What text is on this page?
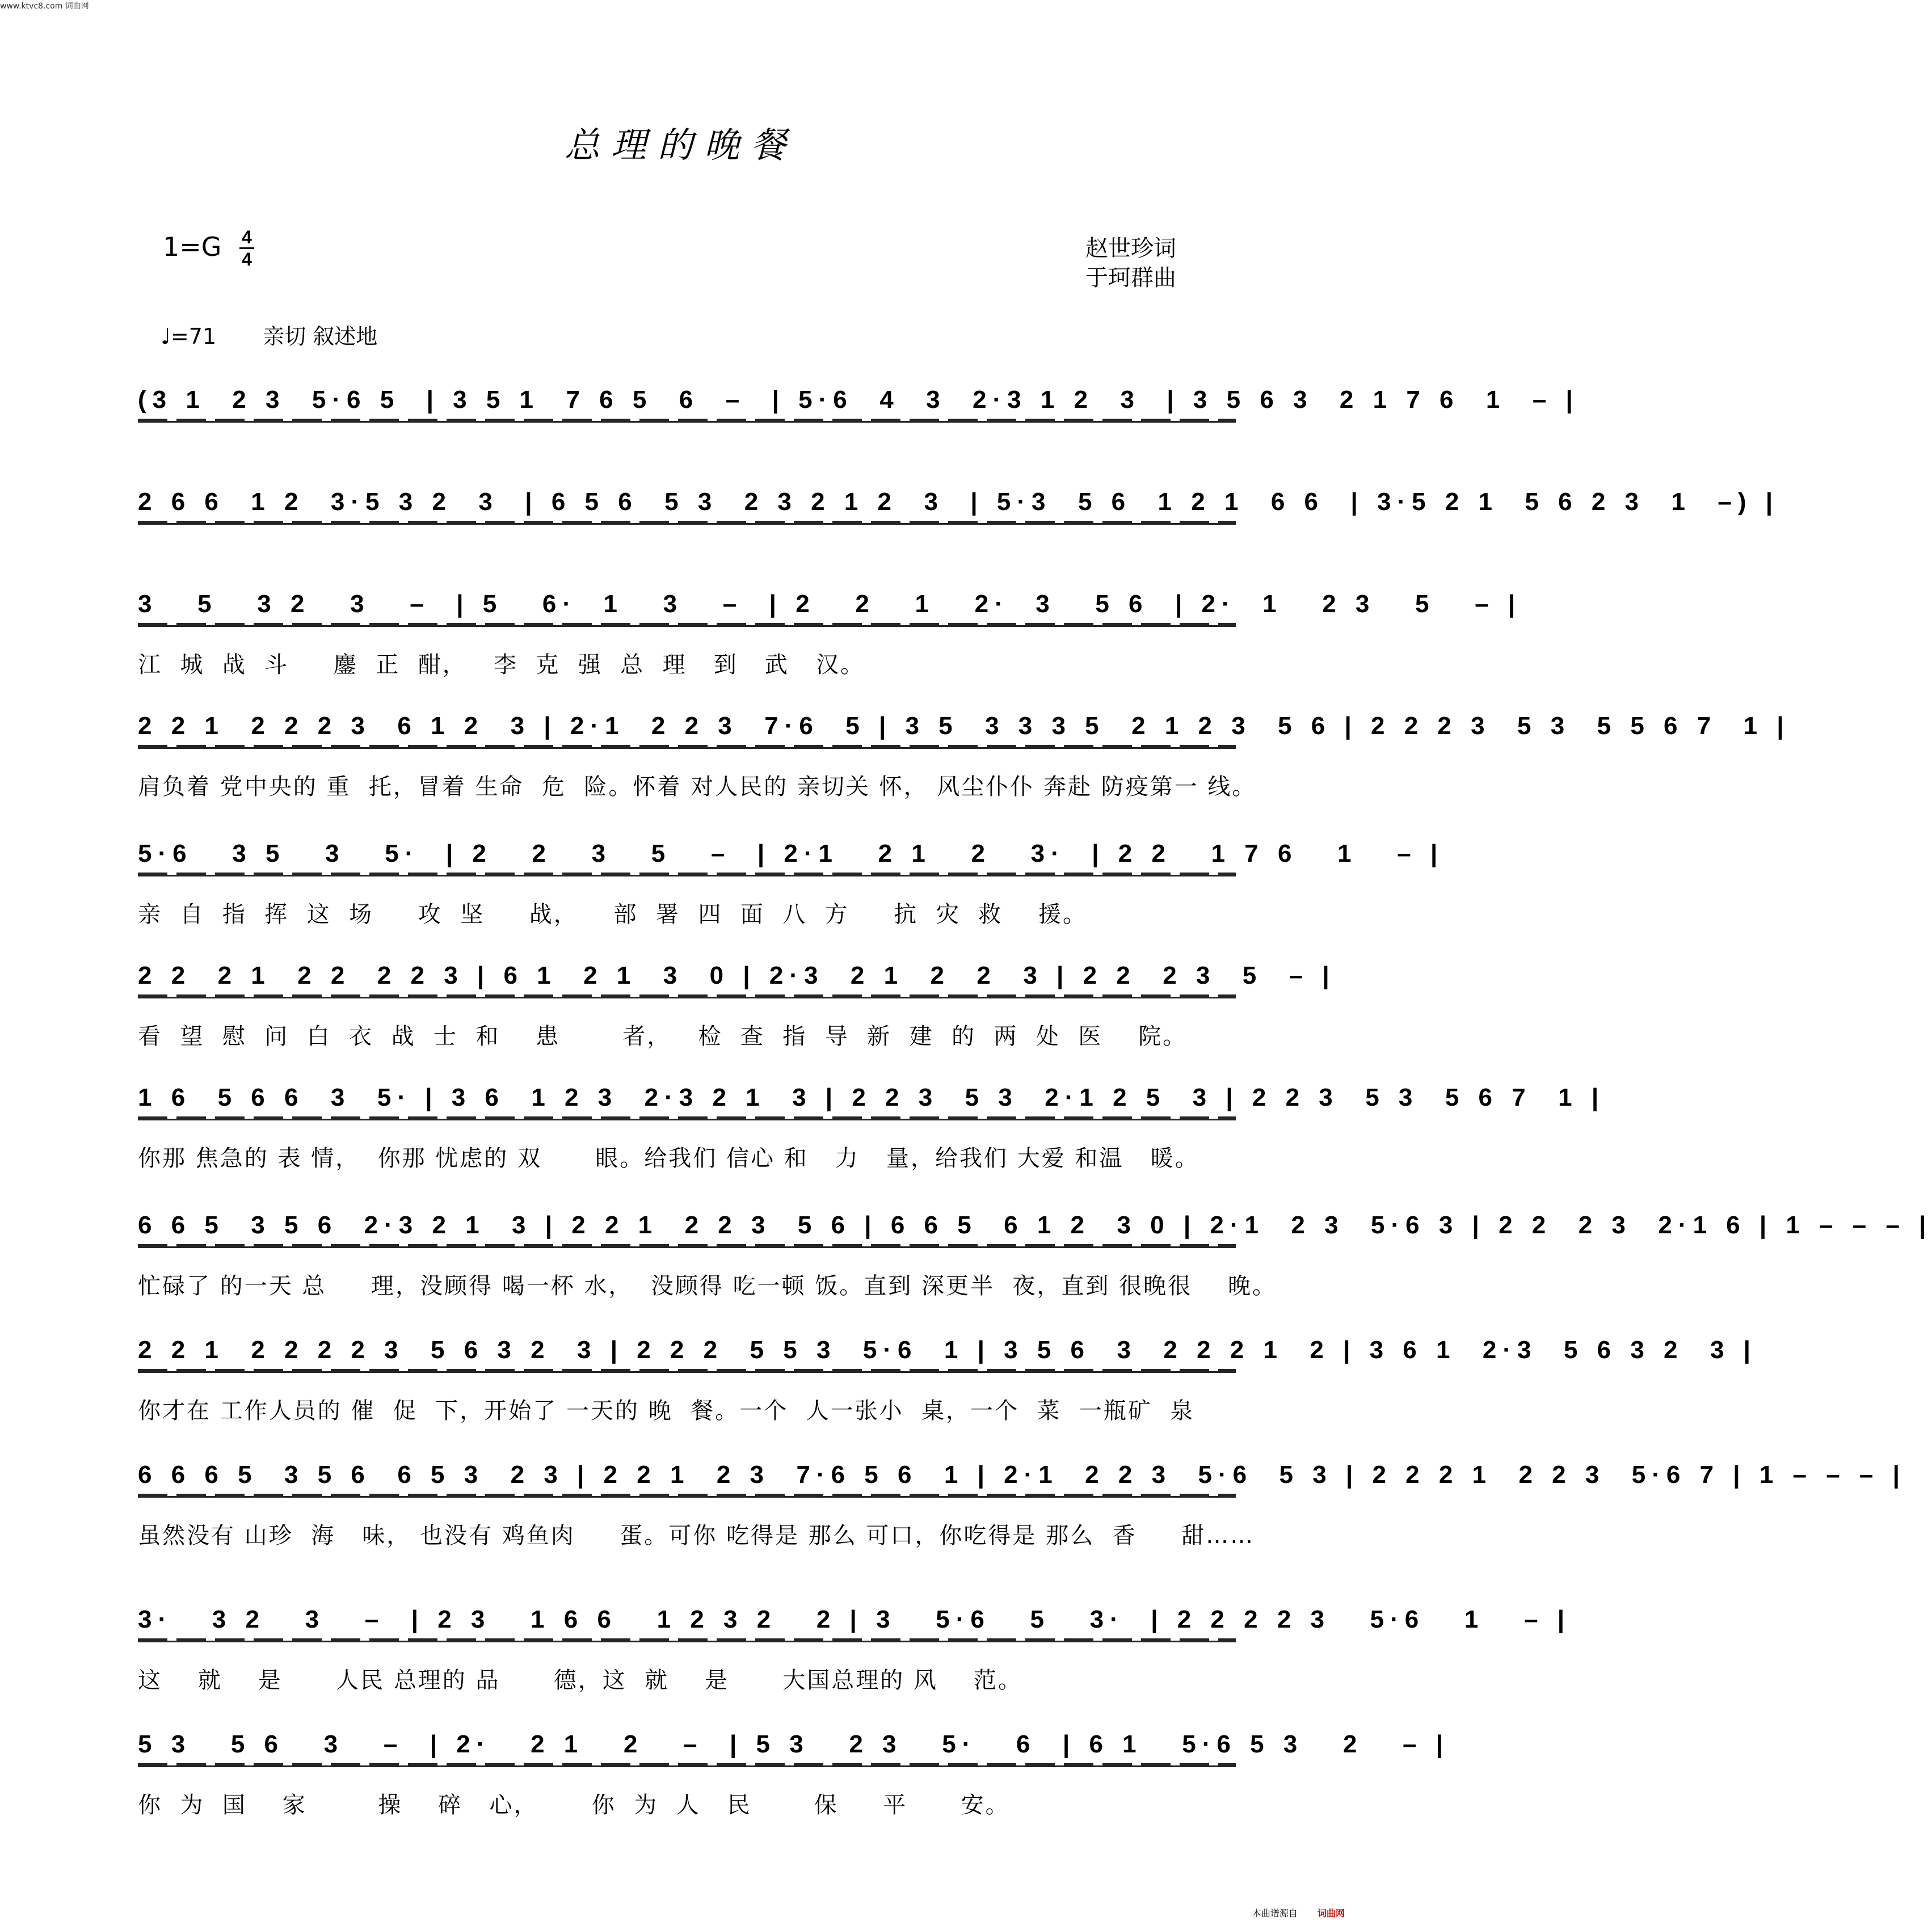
www.ktvc8.com 词曲网
总理的晚餐
1=G 4
4	赵世珍词
于珂群曲
♩=71 亲切 叙述地
(3 1  2 3  5·6 5  | 3 5 1  7 6 5  6  –  | 5·6  4  3  2·3 1 2  3  | 3 5 6 3  2 1 7 6  1  – |
2 6 6  1 2  3·5 3 2  3  | 6 5 6  5 3  2 3 2 1 2  3  | 5·3  5 6  1 2 1  6 6  | 3·5 2 1  5 6 2 3  1  –) |
3   5   3 2   3   –  | 5   6·  1   3   –  | 2   2   1   2·  3   5 6  | 2·  1   2 3   5   – |
江  城  战  斗     鏖  正  酣，   李  克  强  总  理   到   武   汉。
2 2 1  2 2 2 3  6 1 2  3 | 2·1  2 2 3  7·6  5 | 3 5  3 3 3 5  2 1 2 3  5 6 | 2 2 2 3  5 3  5 5 6 7  1 |
肩负着 党中央的 重  托，冒着 生命  危  险。怀着 对人民的 亲切关 怀， 风尘仆仆 奔赴 防疫第一 线。
5·6   3 5   3   5·  | 2   2   3   5   –  | 2·1   2 1   2   3·  | 2 2   1 7 6   1   – |
亲  自  指  挥  这  场     攻  坚     战，    部  署  四  面  八  方     抗  灾  救    援。
2 2  2 1  2 2  2 2 3 | 6 1  2 1  3  0 | 2·3  2 1  2  2  3 | 2 2  2 3  5  – |
看  望  慰  问  白  衣  战  士  和    患       者，   检  查  指  导  新  建  的  两  处  医    院。
1 6  5 6 6  3  5· | 3 6  1 2 3  2·3 2 1  3 | 2 2 3  5 3  2·1 2 5  3 | 2 2 3  5 3  5 6 7  1 |
你那 焦急的 表 情，  你那 忧虑的 双      眼。给我们 信心 和   力   量，给我们 大爱 和温   暖。
6 6 5  3 5 6  2·3 2 1  3 | 2 2 1  2 2 3  5 6 | 6 6 5  6 1 2  3 0 | 2·1  2 3  5·6 3 | 2 2  2 3  2·1 6 | 1 – – – |
忙碌了 的一天 总     理，没顾得 喝一杯 水，  没顾得 吃一顿 饭。直到 深更半  夜，直到 很晚很    晚。
2 2 1  2 2 2 2 3  5 6 3 2  3 | 2 2 2  5 5 3  5·6  1 | 3 5 6  3  2 2 2 1  2 | 3 6 1  2·3  5 6 3 2  3 |
你才在 工作人员的 催  促  下，开始了 一天的 晚  餐。一个  人一张小  桌，一个  菜  一瓶矿  泉
6 6 6 5  3 5 6  6 5 3  2 3 | 2 2 1  2 3  7·6 5 6  1 | 2·1  2 2 3  5·6  5 3 | 2 2 2 1  2 2 3  5·6 7 | 1 – – – |
虽然没有 山珍  海   味， 也没有 鸡鱼肉     蛋。可你 吃得是 那么 可口，你吃得是 那么  香     甜……
3·   3 2   3   –  | 2 3   1 6 6   1 2 3 2   2 | 3   5·6   5   3·  | 2 2 2 2 3   5·6   1   – |
这    就    是      人民 总理的 品      德，这  就    是      大国总理的 风    范。
5 3   5 6   3   –  | 2·   2 1   2   –  | 5 3   2 3   5·   6  | 6 1   5·6 5 3   2   – |
你  为  国    家        操    碎   心，      你  为  人   民       保     平      安。
本曲谱源自 词曲网
